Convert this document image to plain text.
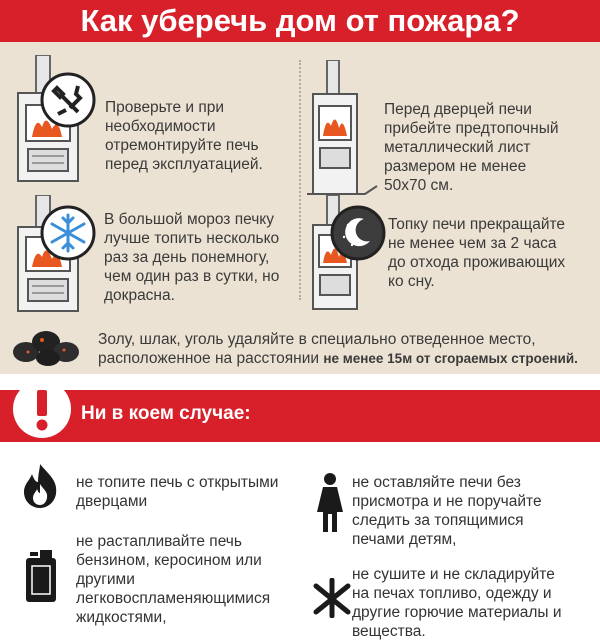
Как уберечь дом от пожара?
Проверьте и при
необходимости
отремонтируйте печь
перед эксплуатацией.
Перед дверцей печи
прибейте предтопочный
металлический лист
размером не менее
50х70 см.
В большой мороз печку
лучше топить несколько
раз за день понемногу,
чем один раз в сутки, но
докрасна.
Топку печи прекращайте
не менее чем за 2 часа
до отхода проживающих
ко сну.
Золу, шлак, уголь удаляйте в специально отведенное место,
расположенное на расстоянии не менее 15м от сгораемых строений.
Ни в коем случае:
не топите печь с открытыми
дверцами
не растапливайте печь
бензином, керосином или
другими
легковоспламеняющимися
жидкостями,
не оставляйте печи без
присмотра и не поручайте
следить за топящимися
печами детям,
не сушите и не складируйте
на печах топливо, одежду и
другие горючие материалы и
вещества.
